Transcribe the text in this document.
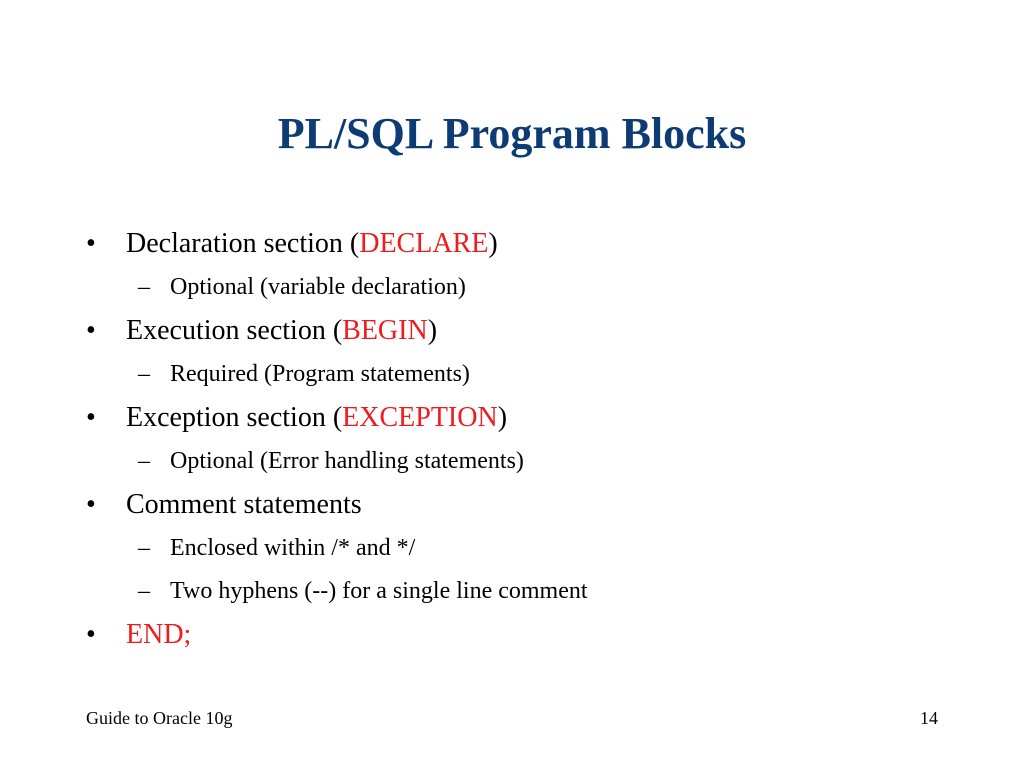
PL/SQL Program Blocks
•	Declaration section (DECLARE)
– Optional (variable declaration)
•	Execution section (BEGIN)
– Required (Program statements)
•	Exception section (EXCEPTION)
– Optional (Error handling statements)
•	Comment statements
– Enclosed within /* and */
– Two hyphens (--) for a single line comment
•	END;
Guide to Oracle 10g	14
